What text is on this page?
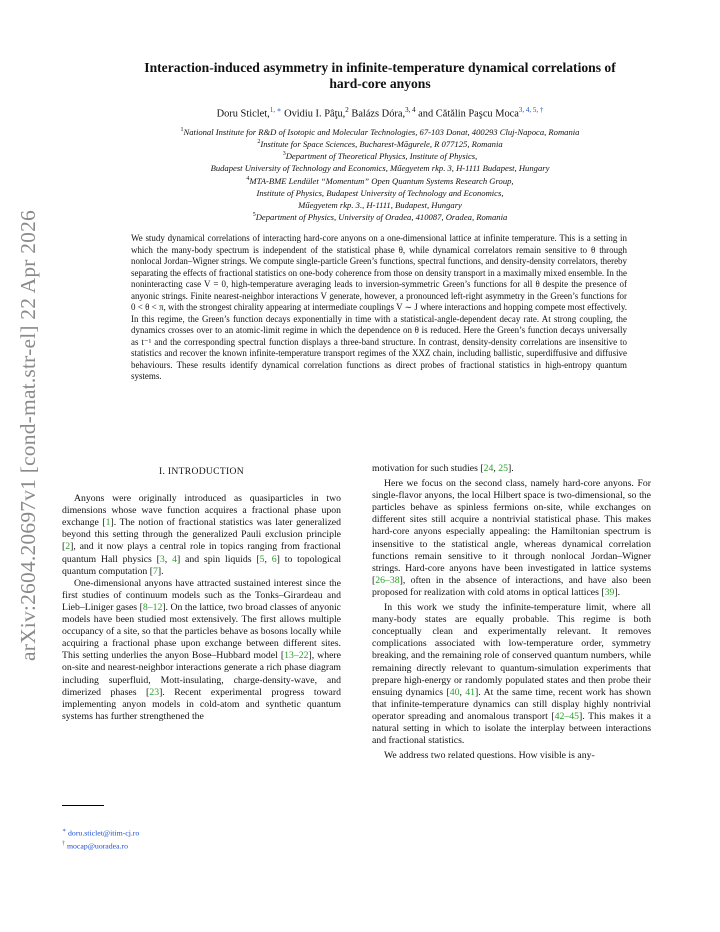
arXiv:2604.20697v1 [cond-mat.str-el] 22 Apr 2026
Interaction-induced asymmetry in infinite-temperature dynamical correlations of
hard-core anyons
Doru Sticlet,$^{1, ∗}$ Ovidiu I. Pâţu,$^2$ Balázs Dóra,$^{3, 4}$ and Cătălin Paşcu Moca$^{3, 4, 5, \dagger}$
$^1$National Institute for R&D of Isotopic and Molecular Technologies, 67-103 Donat, 400293 Cluj-Napoca, Romania
$^2$Institute for Space Sciences, Bucharest-Măgurele, R 077125, Romania
$^3$Department of Theoretical Physics, Institute of Physics,
Budapest University of Technology and Economics, Műegyetem rkp. 3, H-1111 Budapest, Hungary
$^4$MTA-BME Lendület “Momentum” Open Quantum Systems Research Group,
Institute of Physics, Budapest University of Technology and Economics,
Műegyetem rkp. 3., H-1111, Budapest, Hungary
$^5$Department of Physics, University of Oradea, 410087, Oradea, Romania
We study dynamical correlations of interacting hard-core anyons on a one-dimensional lattice at infinite temperature. This is a setting in which the many-body spectrum is independent of the statistical phase θ, while dynamical correlators remain sensitive to θ through nonlocal Jordan–Wigner strings. We compute single-particle Green’s functions, spectral functions, and density-density correlators, thereby separating the effects of fractional statistics on one-body coherence from those on density transport in a maximally mixed ensemble. In the noninteracting case V = 0, high-temperature averaging leads to inversion-symmetric Green’s functions for all θ despite the presence of anyonic strings. Finite nearest-neighbor interactions V generate, however, a pronounced left-right asymmetry in the Green’s functions for 0 < θ < π, with the strongest chirality appearing at intermediate couplings V ∼ J where interactions and hopping compete most effectively. In this regime, the Green’s function decays exponentially in time with a statistical-angle-dependent decay rate. At strong coupling, the dynamics crosses over to an atomic-limit regime in which the dependence on θ is reduced. Here the Green’s function decays universally as t⁻¹ and the corresponding spectral function displays a three-band structure. In contrast, density-density correlations are insensitive to statistics and recover the known infinite-temperature transport regimes of the XXZ chain, including ballistic, superdiffusive and diffusive behaviours. These results identify dynamical correlation functions as direct probes of fractional statistics in high-entropy quantum systems.
I. INTRODUCTION

Anyons were originally introduced as quasiparticles in two dimensions whose wave function acquires a fractional phase upon exchange [1]. The notion of fractional statistics was later generalized beyond this setting through the generalized Pauli exclusion principle [2], and it now plays a central role in topics ranging from fractional quantum Hall physics [3, 4] and spin liquids [5, 6] to topological quantum computation [7].

One-dimensional anyons have attracted sustained interest since the first studies of continuum models such as the Tonks–Girardeau and Lieb–Liniger gases [8–12]. On the lattice, two broad classes of anyonic models have been studied most extensively. The first allows multiple occupancy of a site, so that the particles behave as bosons locally while acquiring a fractional phase upon exchange between different sites. This setting underlies the anyon Bose–Hubbard model [13–22], where on-site and nearest-neighbor interactions generate a rich phase diagram including superfluid, Mott-insulating, charge-density-wave, and dimerized phases [23]. Recent experimental progress toward implementing anyon models in cold-atom and synthetic quantum systems has further strengthened the

motivation for such studies [24, 25].

Here we focus on the second class, namely hard-core anyons. For single-flavor anyons, the local Hilbert space is two-dimensional, so the particles behave as spinless fermions on-site, while exchanges on different sites still acquire a nontrivial statistical phase. This makes hard-core anyons especially appealing: the Hamiltonian spectrum is insensitive to the statistical angle, whereas dynamical correlation functions remain sensitive to it through nonlocal Jordan–Wigner strings. Hard-core anyons have been investigated in lattice systems [26–38], often in the absence of interactions, and have also been proposed for realization with cold atoms in optical lattices [39].

In this work we study the infinite-temperature limit, where all many-body states are equally probable. This regime is both conceptually clean and experimentally relevant. It removes complications associated with low-temperature order, symmetry breaking, and the remaining role of conserved quantum numbers, while remaining directly relevant to quantum-simulation experiments that prepare high-energy or randomly populated states and then probe their ensuing dynamics [40, 41]. At the same time, recent work has shown that infinite-temperature dynamics can still display highly nontrivial operator spreading and anomalous transport [42–45]. This makes it a natural setting in which to isolate the interplay between interactions and fractional statistics.

We address two related questions. How visible is any-

∗ doru.sticlet@itim-cj.ro
† mocap@uoradea.ro
